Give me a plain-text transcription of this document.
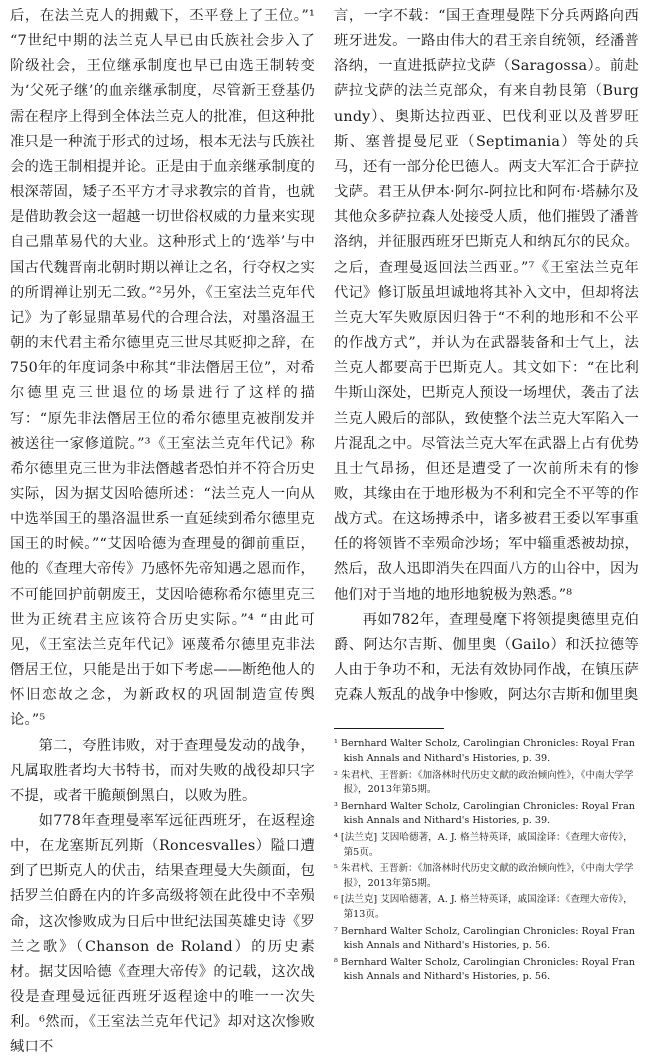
后，在法兰克人的拥戴下，丕平登上了王位。”¹ “7世纪中期的法兰克人早已由氏族社会步入了阶级社会，王位继承制度也早已由选王制转变为‘父死子继’的血亲继承制度，尽管新王登基仍需在程序上得到全体法兰克人的批准，但这种批准只是一种流于形式的过场，根本无法与氏族社会的选王制相提并论。正是由于血亲继承制度的根深蒂固，矮子丕平方才寻求教宗的首肯，也就是借助教会这一超越一切世俗权威的力量来实现自己鼎革易代的大业。这种形式上的‘选举’与中国古代魏晋南北朝时期以禅让之名，行夺权之实的所谓禅让别无二致。”²另外，《王室法兰克年代记》为了彰显鼎革易代的合理合法，对墨洛温王朝的末代君主希尔德里克三世尽其贬抑之辞，在750年的年度词条中称其“非法僭居王位”，对希尔德里克三世退位的场景进行了这样的描写：“原先非法僭居王位的希尔德里克被削发并被送往一家修道院。”³《王室法兰克年代记》称希尔德里克三世为非法僭越者恐怕并不符合历史实际，因为据艾因哈德所述：“法兰克人一向从中选举国王的墨洛温世系一直延续到希尔德里克国王的时候。”“艾因哈德为查理曼的御前重臣，他的《查理大帝传》乃感怀先帝知遇之恩而作，不可能回护前朝废王，艾因哈德称希尔德里克三世为正统君主应该符合历史实际。”⁴ “由此可见，《王室法兰克年代记》诬蔑希尔德里克非法僭居王位，只能是出于如下考虑——断绝他人的怀旧恋故之念，为新政权的巩固制造宣传舆论。”⁵

第二，夸胜讳败，对于查理曼发动的战争，凡属取胜者均大书特书，而对失败的战役却只字不提，或者干脆颠倒黑白，以败为胜。

如778年查理曼率军远征西班牙，在返程途中，在龙塞斯瓦列斯（Roncesvalles）隘口遭到了巴斯克人的伏击，结果查理曼大失颜面，包括罗兰伯爵在内的许多高级将领在此役中不幸殒命，这次惨败成为日后中世纪法国英雄史诗《罗兰之歌》（Chanson de Roland）的历史素材。据艾因哈德《查理大帝传》的记载，这次战役是查理曼远征西班牙返程途中的唯一一次失利。⁶然而，《王室法兰克年代记》却对这次惨败缄口不

言，一字不载：“国王查理曼陛下分兵两路向西班牙进发。一路由伟大的君王亲自统领，经潘普洛纳，一直进抵萨拉戈萨（Saragossa）。前赴萨拉戈萨的法兰克部众，有来自勃艮第（Burgundy）、奥斯达拉西亚、巴伐利亚以及普罗旺斯、塞普提曼尼亚（Septimania）等处的兵马，还有一部分伦巴德人。两支大军汇合于萨拉戈萨。君王从伊本·阿尔-阿拉比和阿布·塔赫尔及其他众多萨拉森人处接受人质，他们摧毁了潘普洛纳，并征服西班牙巴斯克人和纳瓦尔的民众。之后，查理曼返回法兰西亚。”⁷《王室法兰克年代记》修订版虽坦诚地将其补入文中，但却将法兰克大军失败原因归咎于“不利的地形和不公平的作战方式”，并认为在武器装备和士气上，法兰克人都要高于巴斯克人。其文如下：“在比利牛斯山深处，巴斯克人预设一场埋伏，袭击了法兰克人殿后的部队，致使整个法兰克大军陷入一片混乱之中。尽管法兰克大军在武器上占有优势且士气昂扬，但还是遭受了一次前所未有的惨败，其缘由在于地形极为不利和完全不平等的作战方式。在这场搏杀中，诸多被君王委以军事重任的将领皆不幸殒命沙场；军中辎重悉被劫掠，然后，敌人迅即消失在四面八方的山谷中，因为他们对于当地的地形地貌极为熟悉。”⁸

再如782年，查理曼麾下将领提奥德里克伯爵、阿达尔吉斯、伽里奥（Gailo）和沃拉德等人由于争功不和，无法有效协同作战，在镇压萨克森人叛乱的战争中惨败，阿达尔吉斯和伽里奥

¹ Bernhard Walter Scholz, Carolingian Chronicles: Royal Frankish Annals and Nithard's Histories, p. 39.

² 朱君杙、王晋新：《加洛林时代历史文献的政治倾向性》，《中南大学学报》，2013年第5期。

³ Bernhard Walter Scholz, Carolingian Chronicles: Royal Frankish Annals and Nithard's Histories, p. 39.

⁴ [法兰克] 艾因哈德著，A. J. 格兰特英译，戚国淦译：《查理大帝传》，第5页。

⁵ 朱君杙、王晋新：《加洛林时代历史文献的政治倾向性》，《中南大学学报》，2013年第5期。

⁶ [法兰克] 艾因哈德著，A. J. 格兰特英译，戚国淦译：《查理大帝传》，第13页。

⁷ Bernhard Walter Scholz, Carolingian Chronicles: Royal Frankish Annals and Nithard's Histories, p. 56.

⁸ Bernhard Walter Scholz, Carolingian Chronicles: Royal Frankish Annals and Nithard's Histories, p. 56.
